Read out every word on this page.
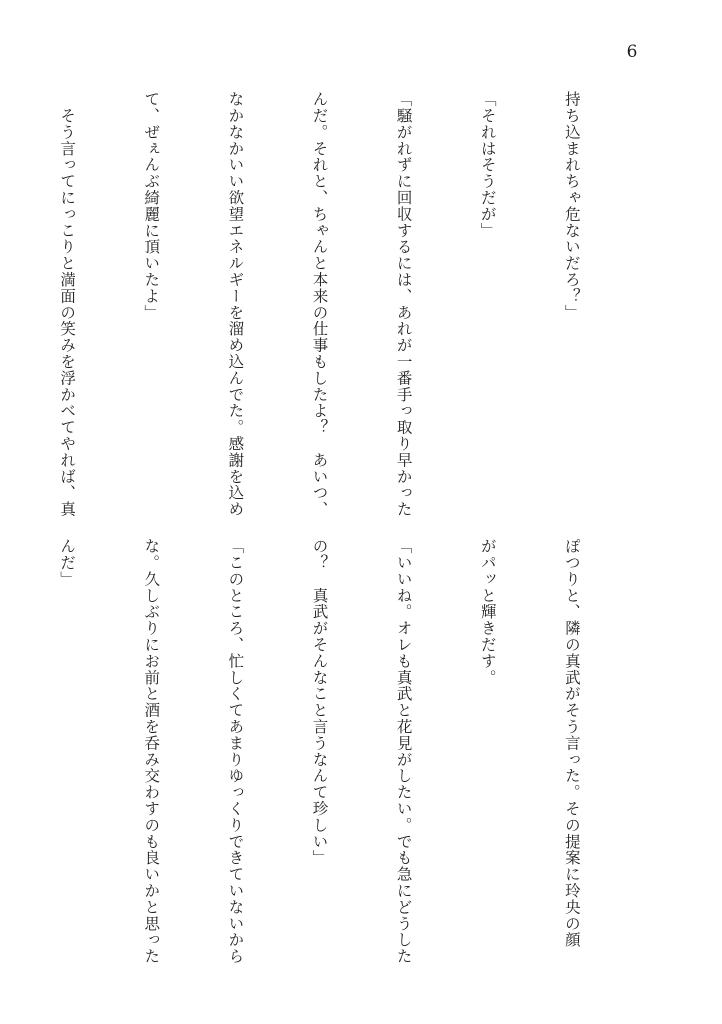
6

持ち込まれちゃ危ないだろ？」

「それはそうだが」

「騒がれずに回収するには、あれが一番手っ取り早かった

んだ。それと、ちゃんと本来の仕事もしたよ？　あいつ、

なかなかいい欲望エネルギーを溜め込んでた。感謝を込め

て、ぜぇんぶ綺麗に頂いたよ」

　そう言ってにっこりと満面の笑みを浮かべてやれば、真

ぽつりと、隣の真武がそう言った。その提案に玲央の顔

がパッと輝きだす。

「いいね。オレも真武と花見がしたい。でも急にどうした

の？　真武がそんなこと言うなんて珍しい」

「このところ、忙しくてあまりゆっくりできていないから

な。久しぶりにお前と酒を呑み交わすのも良いかと思った

んだ」
